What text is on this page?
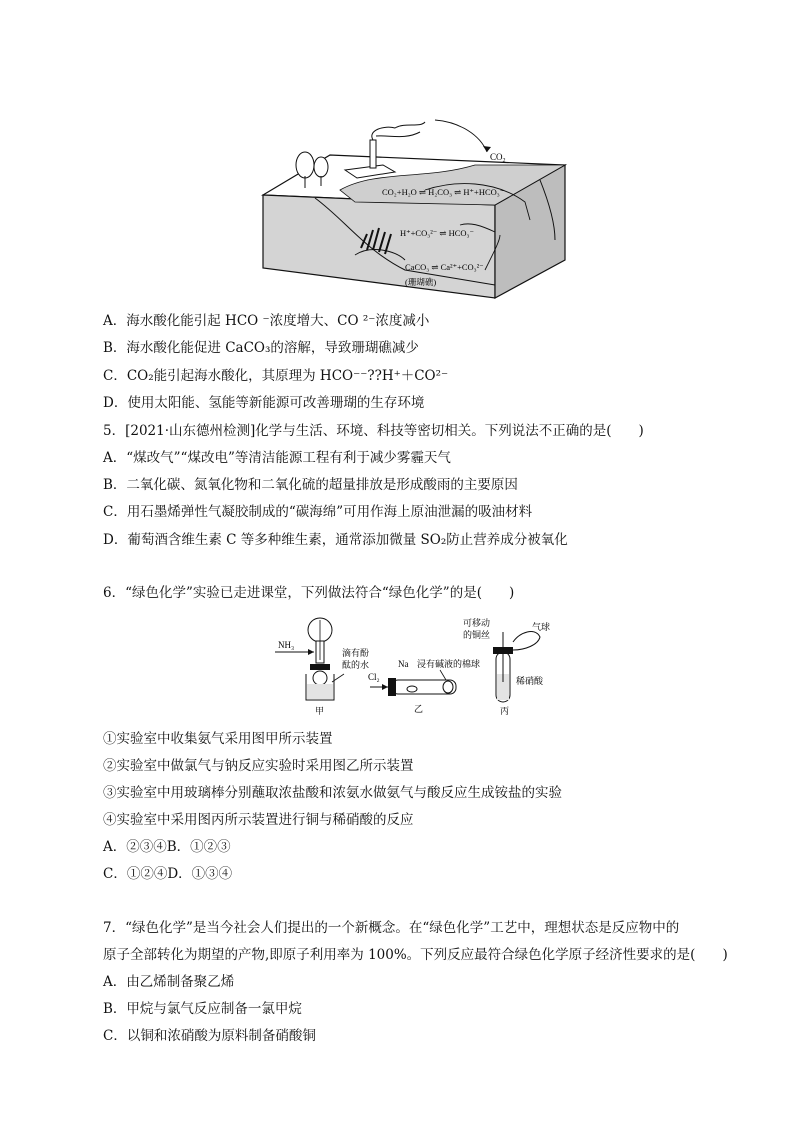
$CO_2$
CO₂+H₂O ⇌ H₂CO₃ ⇌ H⁺+HCO₃⁻
H⁺+CO₃²⁻ ⇌ HCO₃⁻
CaCO₃ ⇌ Ca²⁺+CO₃²⁻
(珊瑚礁)
A．海水酸化能引起 HCO ⁻浓度增大、CO ²⁻浓度减小
B．海水酸化能促进 CaCO₃的溶解，导致珊瑚礁减少
C．CO₂能引起海水酸化，其原理为 HCO⁻⁻??H⁺＋CO²⁻
D．使用太阳能、氢能等新能源可改善珊瑚的生存环境
5．[2021·山东德州检测]化学与生活、环境、科技等密切相关。下列说法不正确的是(　　)
A．“煤改气”“煤改电”等清洁能源工程有利于减少雾霾天气
B．二氧化碳、氮氧化物和二氧化硫的超量排放是形成酸雨的主要原因
C．用石墨烯弹性气凝胶制成的“碳海绵”可用作海上原油泄漏的吸油材料
D．葡萄酒含维生素 C 等多种维生素，通常添加微量 SO₂防止营养成分被氧化
6．“绿色化学”实验已走进课堂，下列做法符合“绿色化学”的是(　　)
NH₃
滴有酚
酞的水
甲
Cl₂
Na 浸有碱液的棉球
乙
可移动
的铜丝
气球
稀硝酸
丙
①实验室中收集氨气采用图甲所示装置
②实验室中做氯气与钠反应实验时采用图乙所示装置
③实验室中用玻璃棒分别蘸取浓盐酸和浓氨水做氨气与酸反应生成铵盐的实验
④实验室中采用图丙所示装置进行铜与稀硝酸的反应
A．②③④B．①②③
C．①②④D．①③④
7．“绿色化学”是当今社会人们提出的一个新概念。在“绿色化学”工艺中，理想状态是反应物中的
原子全部转化为期望的产物,即原子利用率为 100%。下列反应最符合绿色化学原子经济性要求的是(　　)
A．由乙烯制备聚乙烯
B．甲烷与氯气反应制备一氯甲烷
C．以铜和浓硝酸为原料制备硝酸铜
